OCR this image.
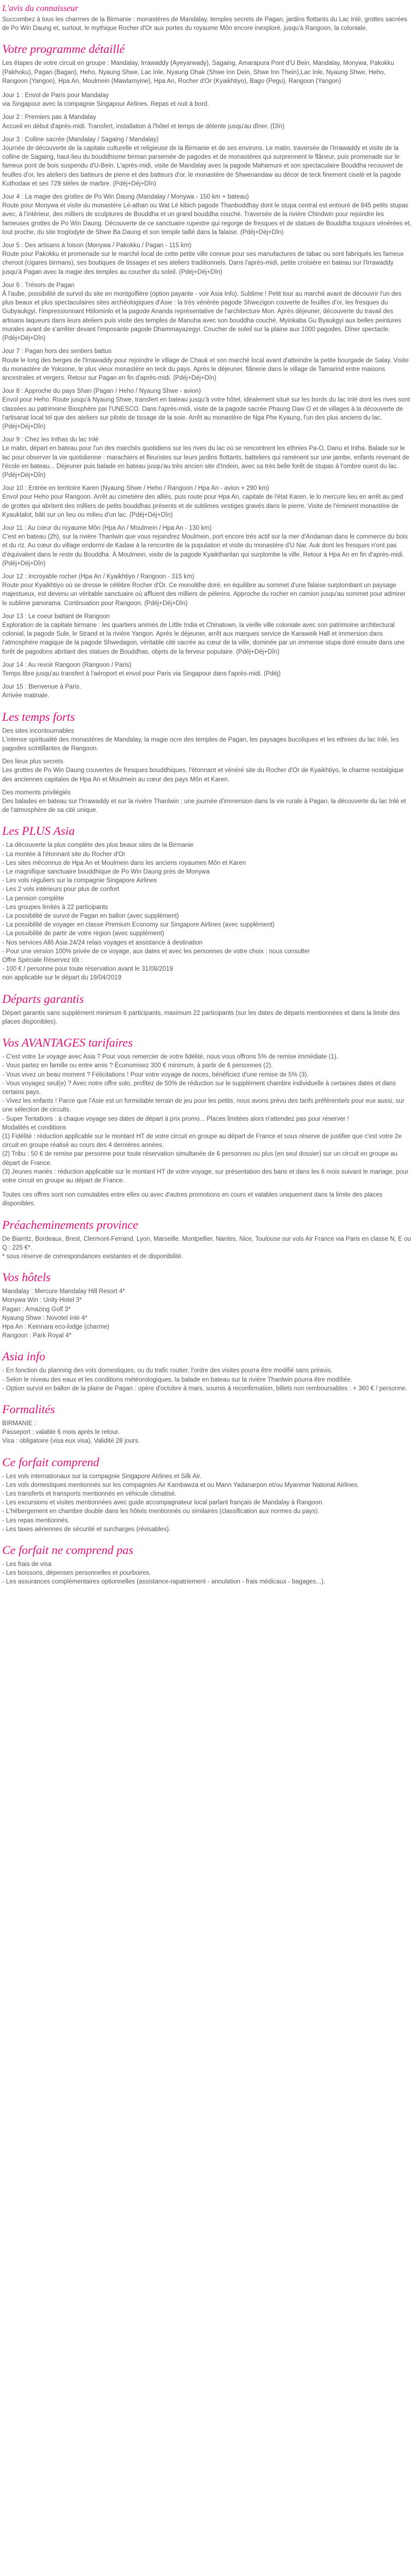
L'avis du connaisseur

Succombez à tous les charmes de la Birmanie : monastères de Mandalay, temples secrets de Pagan, jardins flottants du Lac Inlé, grottes sacrées de Po Win Daung et, surtout, le mythique Rocher d'Or aux portes du royaume Môn encore inexploré, jusqu'à Rangoon, la coloniale.

Votre programme détaillé

Les étapes de votre circuit en groupe : Mandalay, Irrawaddy (Ayeyarwady), Sagaing, Amarapura Pont d'U Bein, Mandalay, Monywa, Pakokku (Pakhoku), Pagan (Bagan), Heho, Nyaung Shwe, Lac Inle, Nyaung Ohak (Shwe Inn Dein, Shwe Inn Thein),Lac Inle, Nyaung Shwe, Heho, Rangoon (Yangon), Hpa An, Moulmein (Mawlamyine), Hpa An, Rocher d'Or (Kyaikhtiyo), Bago (Pegu), Rangoon (Yangon)

Jour 1 : Envol de Paris pour Mandalay

via Singapour avec la compagnie Singapour Airlines. Repas et nuit à bord.

Jour 2 : Premiers pas à Mandalay

Accueil en début d'après-midi. Transfert, installation à l'hôtel et temps de détente jusqu'au dîner. (Dîn)

Jour 3 : Colline sacrée (Mandalay / Sagaing / Mandalay)

Journée de découverte de la capitale culturelle et religieuse de la Birmanie et de ses environs. Le matin, traversée de l'Irrawaddy et visite de la colline de Sagaing, haut-lieu du bouddhisme birman parsemée de pagodes et de monastères qui surprennent le flâneur, puis promenade sur le fameux pont de bois suspendu d'U-Bein. L'après-midi, visite de Mandalay avec la pagode Mahamuni et son spectaculaire Bouddha recouvert de feuilles d'or, les ateliers des batteurs de pierre et des batteurs d'or, le monastère de Shwenandaw au décor de teck finement ciselé et la pagode Kuthodaw et ses 729 stèles de marbre. (Pdéj+Déj+Dîn)

Jour 4 : La magie des grottes de Po Win Daung (Mandalay / Monywa - 150 km + bateau)

Route pour Monywa et visite du monastère Lé-athan ou Wat Lé kibich pagode Thanboddhay dont le stupa central est entouré de 845 petits stupas avec, à l'intérieur, des milliers de sculptures de Bouddha et un grand bouddha couché. Traversée de la rivière Chindwin pour rejoindre les fameuses grottes de Po Win Daung. Découverte de ce sanctuaire rupestre qui regorge de fresques et de statues de Bouddha toujours vénérées et, tout proche, du site troglodyte de Shwe Ba Daung et son temple taillé dans la falaise. (Pdéj+Déj+Dîn)

Jour 5 : Des artisans à foison (Monywa / Pakokku / Pagan - 115 km)

Route pour Pakokku et promenade sur le marché local de cette petite ville connue pour ses manufactures de tabac ou sont fabriqués les fameux cheroot (cigares birmans), ses boutiques de tissages et ses ateliers traditionnels. Dans l'après-midi, petite croisière en bateau sur l'Irrawaddy jusqu'à Pagan avec la magie des temples au coucher du soleil. (Pdéj+Déj+Dîn)

Jour 6 : Trésors de Pagan

À l'aube, possibilité de survol du site en montgolfière (option payante - voir Asia Info). Sublime ! Petit tour au marché avant de découvrir l'un des plus beaux et plus spectaculaires sites archéologiques d'Asie : la très vénérée pagode Shwezigon couverte de feuilles d'or, les fresques du Gubyaukgyi, l'impressionnant Htilominlo et la pagode Ananda représentative de l'architecture Mon. Après déjeuner, découverte du travail des artisans laqueurs dans leurs ateliers puis visite des temples de Manuha avec son bouddha couché, Myinkaba Gu Byaukgyi aux belles peintures murales avant de s'arrêter devant l'imposante pagode Dhammayazegyi. Coucher de soleil sur la plaine aux 1000 pagodes. Dîner spectacle. (Pdéj+Déj+Dîn)

Jour 7 : Pagan hors des sentiers battus

Route le long des berges de l'Irrawaddy pour rejoindre le village de Chauk et son marché local avant d'atteindre la petite bourgade de Salay. Visite du monastère de Yoksone, le plus vieux monastère en teck du pays. Après le déjeuner, flânerie dans le village de Tamarind entre maisons ancestrales et vergers. Retour sur Pagan en fin d'après-midi. (Pdéj+Déj+Dîn)

Jour 8 : Approche du pays Shan (Pagan / Heho / Nyaung Shwe - avion)

Envol pour Heho. Route jusqu'à Nyaung Shwe, transfert en bateau jusqu'à votre hôtel, idéalement situé sur les bords du lac Inlé dont les rives sont classées au patrimoine Biosphère par l'UNESCO. Dans l'après-midi, visite de la pagode sacrée Phaung Daw O et de villages à la découverte de l'artisanat local tel que des ateliers sur pilotis de tissage de la soie. Arrêt au monastère de Nga Phe Kyaung, l'un des plus anciens du lac. (Pdéj+Déj+Dîn)

Jour 9 : Chez les Inthas du lac Inlé

Le matin, départ en bateau pour l'un des marchés quotidiens sur les rives du lac où se rencontrent les ethnies Pa-O, Danu et Intha. Balade sur le lac pour observer la vie quotidienne : marachiers et fleuristes sur leurs jardins flottants, batteliers qui ramènent sur une jambe, enfants revenant de l'école en bateau... Déjeuner puis balade en bateau jusqu'au très ancien site d'Indein, avec sa très belle forêt de stupas à l'ombre ouest du lac. (Pdéj+Déj+Dîn)

Jour 10 : Entrée en territoire Karen (Nyaung Shwe / Heho / Rangoon / Hpa An - avion + 290 km)

Envol pour Heho pour Rangoon. Arrêt au cimetière des alliés, puis route pour Hpa An, capitale de l'état Karen, le lo mercure lieu en arrêt au pied de grottes qui abritent des milliers de petits bouddhas présents et de sublimes vestiges gravés dans le pierre. Visite de l'éminent monastère de Kyauktalot, bâti sur un lieu ou milieu d'un lac. (Pdéj+Déj+Dîn)

Jour 11 : Au cœur du royaume Môn (Hpa An / Moulmein / Hpa An - 130 km)

C'est en bateau (2h), sur la rivière Thanlwin que vous rejoindrez Moulmein, port encore très actif sur la mer d'Andaman dans le commerce du bois et du riz. Au cœur du village endormi de Kadaw à la rencontre de la population et visite du monastère d'U Nar. Auk dont les fresques n'ont pas d'équivalent dans le reste du Bouddha. À Moulmein, visite de la pagode Kyaikthanlan qui surplombe la ville. Retour à Hpa An en fin d'après-midi. (Pdéj+Déj+Dîn)

Jour 12 : Incroyable rocher (Hpa An / Kyaikhtiyo / Rangoon - 315 km)

Route pour Kyaikhtiyo où se dresse le célèbre Rocher d'Or. Ce monolithe doré, en équilibre au sommet d'une falaise surplombant un paysage majestueux, est devenu un véritable sanctuaire où affluent des milliers de pèlerins. Approche du rocher en camion jusqu'au sommet pour admirer le sublime panorama. Continuation pour Rangoon. (Pdéj+Déj+Dîn)

Jour 13 : Le coeur battant de Rangoon

Exploration de la capitale birmane : les quartiers animés de Little India et Chinatown, la vieille ville coloniale avec son patrimoine architectural colonial, la pagode Sule, le Strand et la rivière Yangon. Après le déjeuner, arrêt aux marques service de Karaweik Hall et immersion dans l'atmosphère magique de la pagode Shwedagon, véritable cité sacrée au cœur de la ville, dominée par un immense stupa doré ensuite dans une forêt de pagodons abritant des statues de Bouddhas, objets de la ferveur populaire. (Pdéj+Déj+Dîn)

Jour 14 : Au revoir Rangoon (Rangoon / Paris)

Temps libre jusqu'au transfert à l'aéroport et envol pour Paris via Singapour dans l'après-midi. (Pdéj)

Jour 15 : Bienvenue à Paris.

Arrivée matinale.

Les temps forts

Des sites incontournables

L'intense spiritualité des monastères de Mandalay, la magie ocre des temples de Pagan, les paysages bucoliques et les ethnies du lac Inlé, les pagodes scintillantes de Rangoon.

Des lieux plus secrets

Les grottes de Po Win Daung couvertes de fresques bouddhiques, l'étonnant et vénéré site du Rocher d'Or de Kyaikhtiyo, le charme nostalgique des anciennes capitales de Hpa An et Moulmein au cœur des pays Môn et Karen.

Des moments privilégiés

Des balades en bateau sur l'Irrawaddy et sur la rivière Thanlwin ; une journée d'immersion dans la vie rurale à Pagan, la découverte du lac Inlé et de l'atmosphère de sa cité unique.

Les PLUS Asia
- La découverte la plus complète des plus beaux sites de la Birmanie
- La montée à l'étonnant site du Rocher d'Or
- Les sites méconnus de Hpa An et Moulmein dans les anciens royaumes Môn et Karen
- Le magnifique sanctuaire bouddhique de Po Win Daung près de Monywa
- Les vols réguliers sur la compagnie Singapore Airlines
- Les 2 vols intérieurs pour plus de confort
- La pension complète
- Les groupes limités à 22 participants
- La possibilité de survol de Pagan en ballon (avec supplément)
- La possibilité de voyager en classe Premium Economy sur Singapore Airlines (avec supplément)
- La possibilité de partir de votre région (avec supplément)
- Nos services Allô Asia 24/24 relais voyages et assistance à destination
- Pour une version 100% privée de ce voyage, aux dates et avec les personnes de votre choix : nous consulter

Offre Spéciale Réservez tôt :

- 100 € / personne pour toute réservation avant le 31/08/2019
non applicable sur le départ du 19/04/2019
Départs garantis

Départ garantis sans supplément minimum 6 participants, maximum 22 participants (sur les dates de départs mentionnées et dans la limite des places disponibles).

Vos AVANTAGES tarifaires
- C'est votre 1e voyage avec Asia ? Pour vous remercier de votre fidélité, nous vous offrons 5% de remise immédiate (1).
- Vous partez en famille ou entre amis ? Économisez 300 € minimum, à partir de 6 personnes (2).
- Vous vivez un beau moment ? Félicitations ! Pour votre voyage de noces, bénéficiez d'une remise de 5% (3).
- Vous voyagez seul(e) ? Avec notre offre solo, profitez de 50% de réduction sur le supplément chambre individuelle à certaines dates et dans certains pays.
- Vivez les enfants ! Parce que l'Asie est un formidable terrain de jeu pour les petits, nous avons prévu des tarifs préférentiels pour eux aussi, sur une sélection de circuits.
- Super Tentations : à chaque voyage ses dates de départ à prix promo... Places limitées alors n'attendez pas pour réserver !

Modalités et conditions

(1) Fidélité : réduction applicable sur le montant HT de votre circuit en groupe au départ de France et sous réserve de justifier que c'est votre 2e circuit en groupe réalisé au cours des 4 dernières années.
(2) Tribu : 50 € de remise par personne pour toute réservation simultanée de 6 personnes ou plus (en seul dossier) sur un circuit en groupe au départ de France.
(3) Jeunes mariés : réduction applicable sur le montant HT de votre voyage, sur présentation des bans et dans les 6 mois suivant le mariage, pour votre circuit en groupe au départ de France.

Toutes ces offres sont non cumulables entre elles ou avec d'autres promotions en cours et valables uniquement dans la limite des places disponibles.

Préacheminements province

De Biarritz, Bordeaux, Brest, Clermont-Ferrand, Lyon, Marseille, Montpellier, Nantes, Nice, Toulouse sur vols Air France via Paris en classe N, E ou Q : 225 €*.
* sous réserve de correspondances existantes et de disponibilité.

Vos hôtels
Mandalay : Mercure Mandalay Hill Resort 4*
Monywa Win : Unity Hotel 3*
Pagan : Amazing Golf 3*
Nyaung Shwe : Novotel Inlé 4*
Hpa An : Keinnara eco-lodge (charme)
Rangoon : Park Royal 4*
Asia info
- En fonction du planning des vols domestiques, ou du trafic routier, l'ordre des visites pourra être modifié sans préavis.
- Selon le niveau des eaux et les conditions météorologiques, la balade en bateau sur la rivière Thanlwin pourra être modifiée.
- Option survol en ballon de la plaine de Pagan : opère d'octobre à mars, soumis à reconfirmation, billets non remboursables : + 360 € / personne.
Formalités
BIRMANIE :
Passeport : valable 6 mois après le retour.
Visa : obligatoire (visa eux visa), Validité 28 jours.
Ce forfait comprend
- Les vols internationaux sur la compagnie Singapore Airlines et Silk Air.
- Les vols domestiques mentionnés sur les compagnies Air Kambawza et ou Mann Yadanarpon et/ou Myanmar National Airlines.
- Les transferts et transports mentionnés en véhicule climatisé.
- Les excursions et visites mentionnées avec guide accompagnateur local parlant français de Mandalay à Rangoon.
- L'hébergement en chambre double dans les hôtels mentionnés ou similaires (classification aux normes du pays).
- Les repas mentionnés.
- Les taxes aériennes de sécurité et surcharges (révisables).
Ce forfait ne comprend pas
- Les frais de visa
- Les boissons, dépenses personnelles et pourboires.
- Les assurances complémentaires optionnelles (assistance-rapatriement - annulation - frais médicaux - bagages...).
